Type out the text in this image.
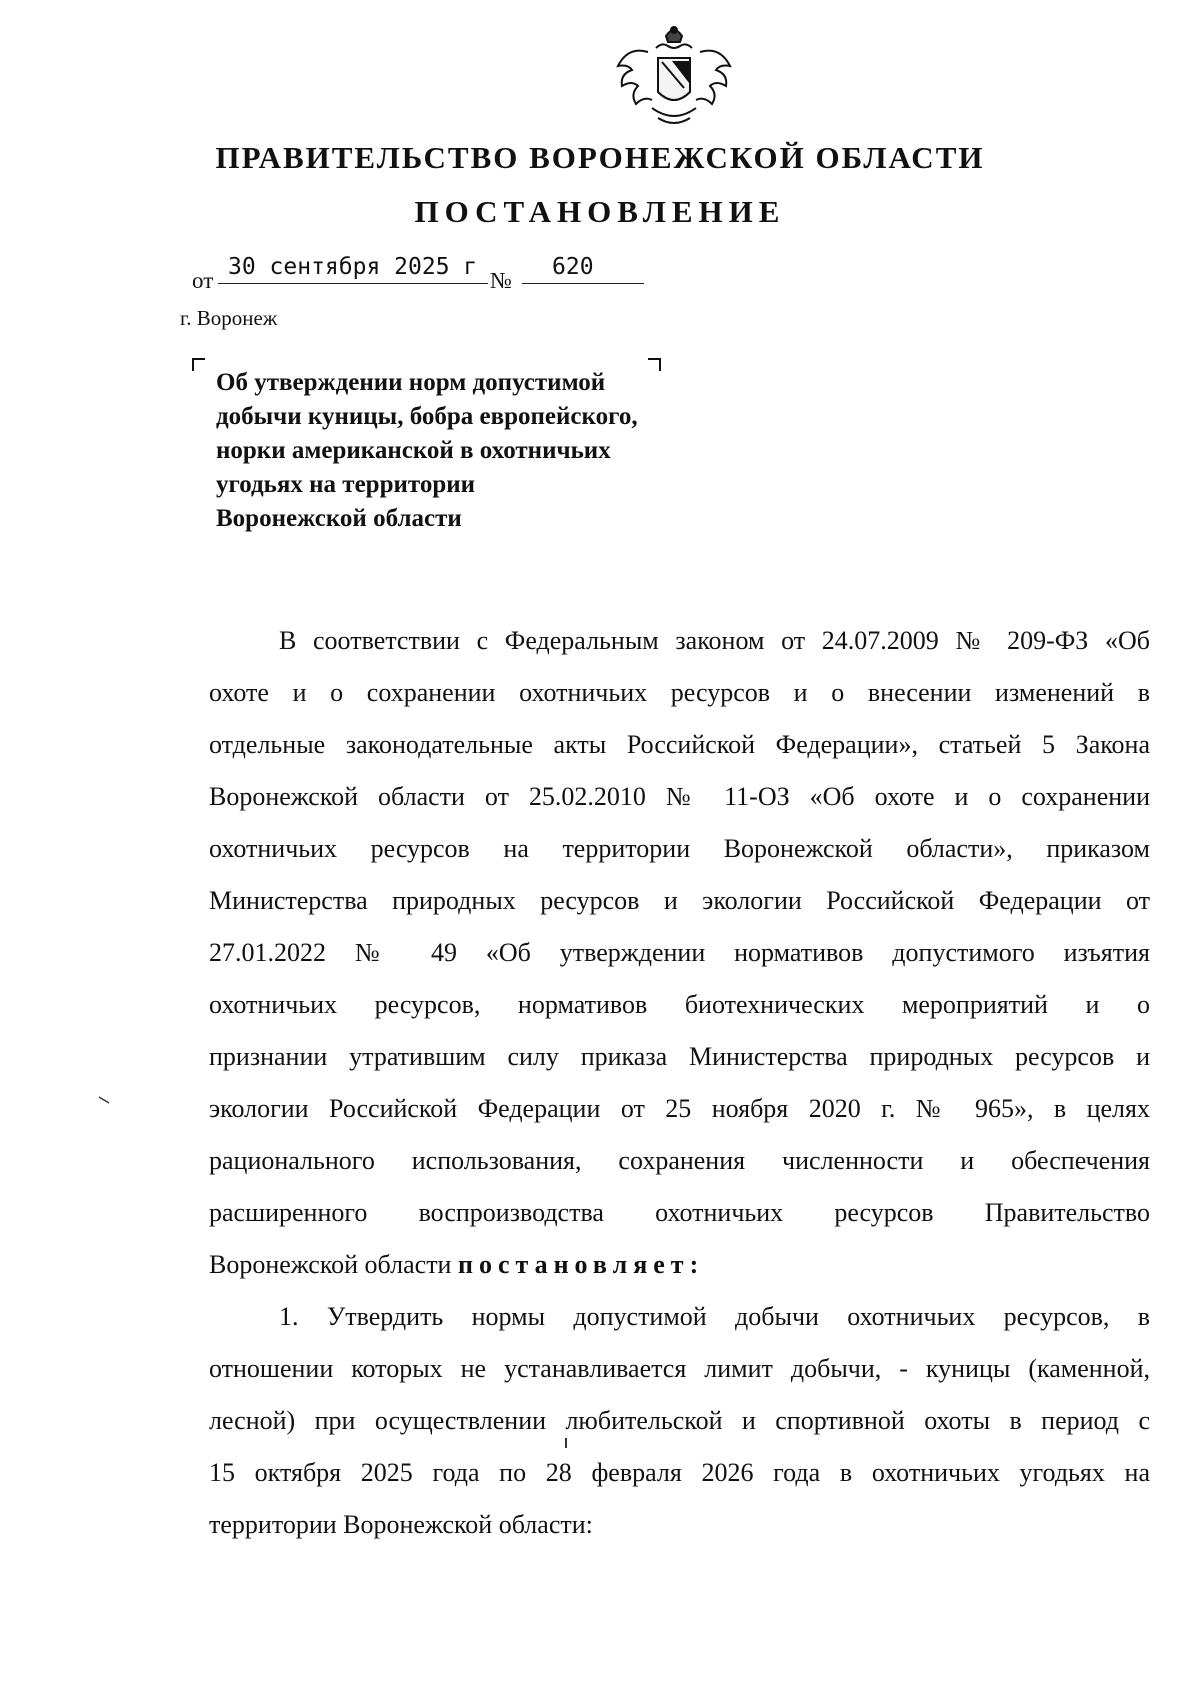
ПРАВИТЕЛЬСТВО ВОРОНЕЖСКОЙ ОБЛАСТИ
ПОСТАНОВЛЕНИЕ
от
30 сентября 2025 г
№
620
г. Воронеж
Об утверждении норм допустимой
добычи куницы, бобра европейского,
норки американской в охотничьих
угодьях на территории
Воронежской области
В соответствии с Федеральным законом от 24.07.2009 № 209-ФЗ «Об
охоте и о сохранении охотничьих ресурсов и о внесении изменений в
отдельные законодательные акты Российской Федерации», статьей 5 Закона
Воронежской области от 25.02.2010 № 11-ОЗ «Об охоте и о сохранении
охотничьих ресурсов на территории Воронежской области», приказом
Министерства природных ресурсов и экологии Российской Федерации от
27.01.2022 № 49 «Об утверждении нормативов допустимого изъятия
охотничьих ресурсов, нормативов биотехнических мероприятий и о
признании утратившим силу приказа Министерства природных ресурсов и
экологии Российской Федерации от 25 ноября 2020 г. № 965», в целях
рационального использования, сохранения численности и обеспечения
расширенного воспроизводства охотничьих ресурсов Правительство
Воронежской области постановляет:
1. Утвердить нормы допустимой добычи охотничьих ресурсов, в
отношении которых не устанавливается лимит добычи, - куницы (каменной,
лесной) при осуществлении любительской и спортивной охоты в период с
15 октября 2025 года по 28 февраля 2026 года в охотничьих угодьях на
территории Воронежской области:
